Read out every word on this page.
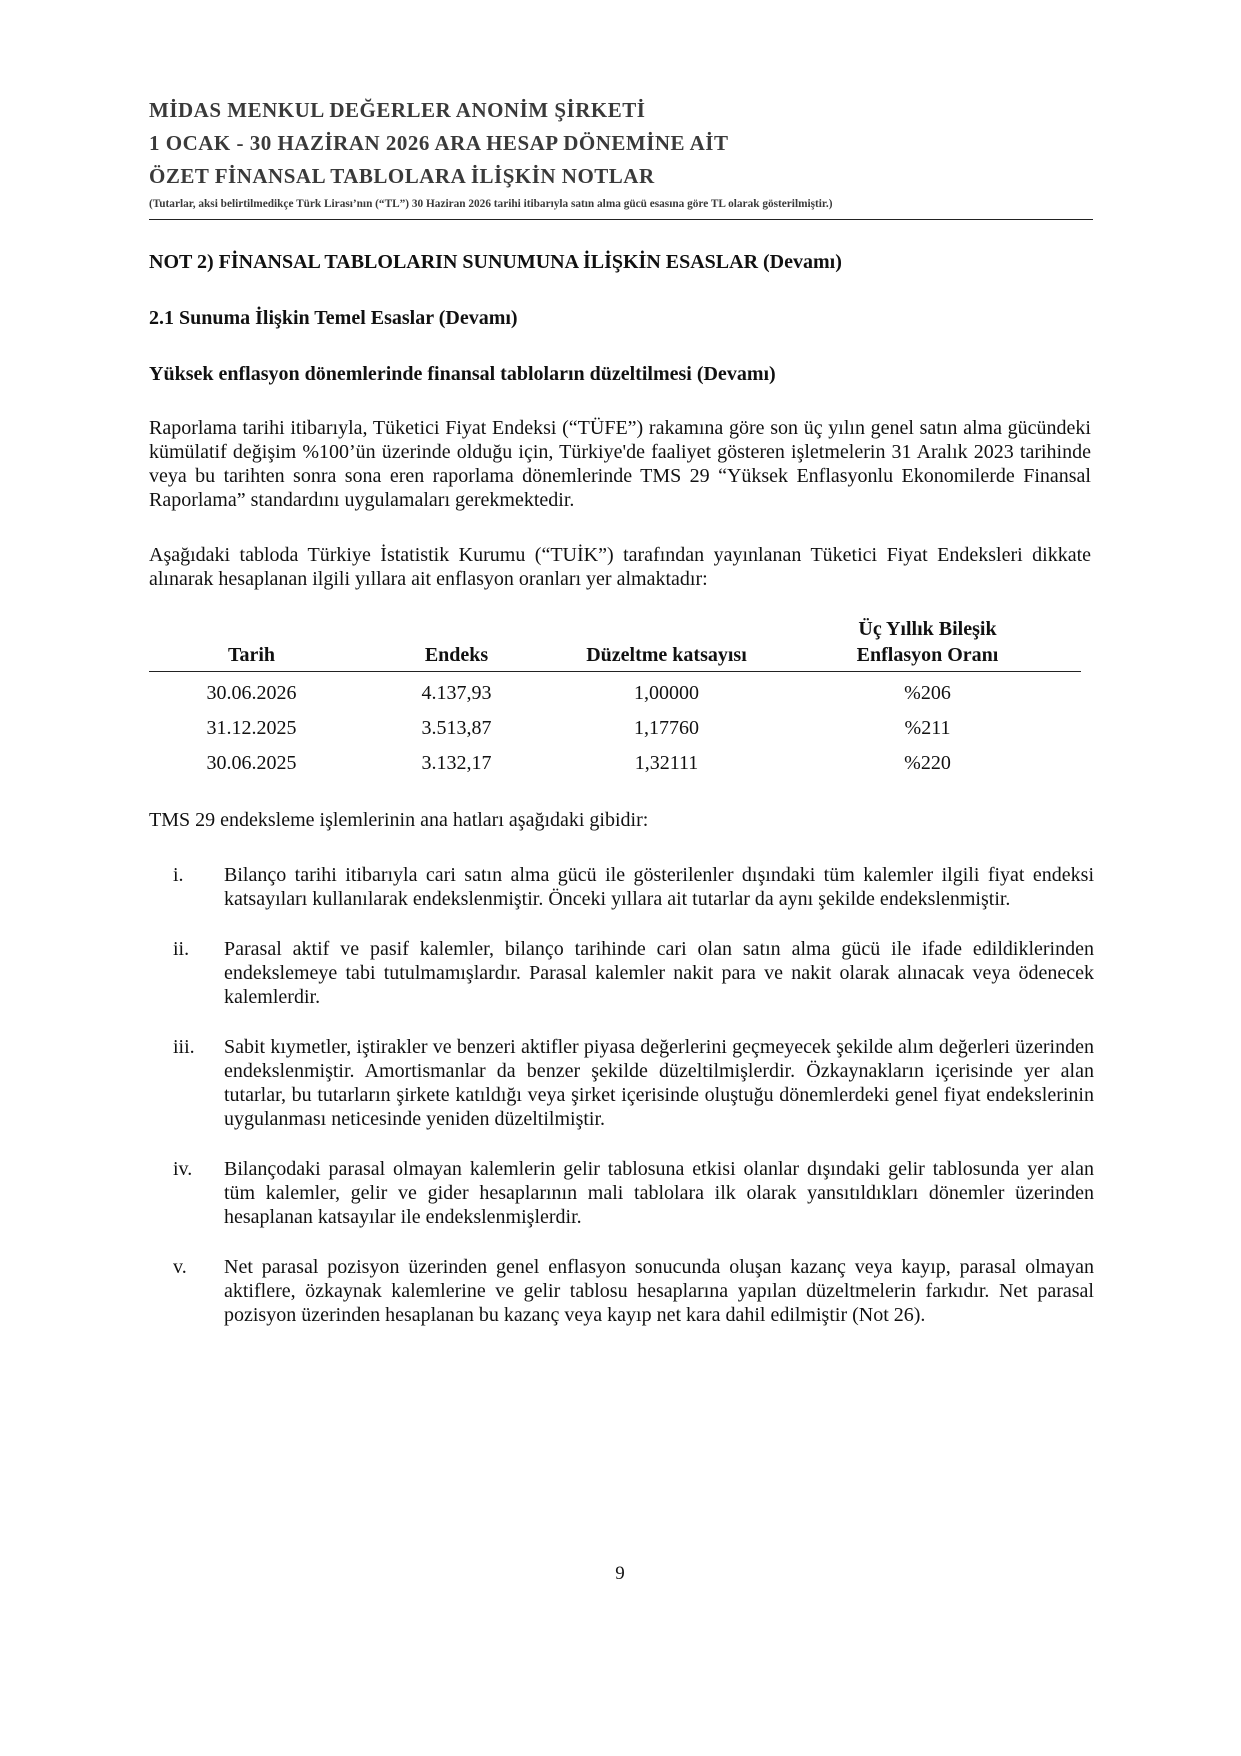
MİDAS MENKUL DEĞERLER ANONİM ŞİRKETİ
1 OCAK - 30 HAZİRAN 2026 ARA HESAP DÖNEMİNE AİT
ÖZET FİNANSAL TABLOLARA İLİŞKİN NOTLAR
(Tutarlar, aksi belirtilmedikçe Türk Lirası’nın (“TL”) 30 Haziran 2026 tarihi itibarıyla satın alma gücü esasına göre TL olarak gösterilmiştir.)
NOT 2) FİNANSAL TABLOLARIN SUNUMUNA İLİŞKİN ESASLAR (Devamı)
2.1 Sunuma İlişkin Temel Esaslar (Devamı)
Yüksek enflasyon dönemlerinde finansal tabloların düzeltilmesi (Devamı)

Raporlama tarihi itibarıyla, Tüketici Fiyat Endeksi (“TÜFE”) rakamına göre son üç yılın genel satın alma gücündeki kümülatif değişim %100’ün üzerinde olduğu için, Türkiye'de faaliyet gösteren işletmelerin 31 Aralık 2023 tarihinde veya bu tarihten sonra sona eren raporlama dönemlerinde TMS 29 “Yüksek Enflasyonlu Ekonomilerde Finansal Raporlama” standardını uygulamaları gerekmektedir.

Aşağıdaki tabloda Türkiye İstatistik Kurumu (“TUİK”) tarafından yayınlanan Tüketici Fiyat Endeksleri dikkate alınarak hesaplanan ilgili yıllara ait enflasyon oranları yer almaktadır:

Tarih	Endeks	Düzeltme katsayısı	Üç Yıllık Bileşik
Enflasyon Oranı
30.06.2026	4.137,93	1,00000	%206
31.12.2025	3.513,87	1,17760	%211
30.06.2025	3.132,17	1,32111	%220

TMS 29 endeksleme işlemlerinin ana hatları aşağıdaki gibidir:

i. Bilanço tarihi itibarıyla cari satın alma gücü ile gösterilenler dışındaki tüm kalemler ilgili fiyat endeksi katsayıları kullanılarak endekslenmiştir. Önceki yıllara ait tutarlar da aynı şekilde endekslenmiştir.
ii. Parasal aktif ve pasif kalemler, bilanço tarihinde cari olan satın alma gücü ile ifade edildiklerinden endekslemeye tabi tutulmamışlardır. Parasal kalemler nakit para ve nakit olarak alınacak veya ödenecek kalemlerdir.
iii. Sabit kıymetler, iştirakler ve benzeri aktifler piyasa değerlerini geçmeyecek şekilde alım değerleri üzerinden endekslenmiştir. Amortismanlar da benzer şekilde düzeltilmişlerdir. Özkaynakların içerisinde yer alan tutarlar, bu tutarların şirkete katıldığı veya şirket içerisinde oluştuğu dönemlerdeki genel fiyat endekslerinin uygulanması neticesinde yeniden düzeltilmiştir.
iv. Bilançodaki parasal olmayan kalemlerin gelir tablosuna etkisi olanlar dışındaki gelir tablosunda yer alan tüm kalemler, gelir ve gider hesaplarının mali tablolara ilk olarak yansıtıldıkları dönemler üzerinden hesaplanan katsayılar ile endekslenmişlerdir.
v. Net parasal pozisyon üzerinden genel enflasyon sonucunda oluşan kazanç veya kayıp, parasal olmayan aktiflere, özkaynak kalemlerine ve gelir tablosu hesaplarına yapılan düzeltmelerin farkıdır. Net parasal pozisyon üzerinden hesaplanan bu kazanç veya kayıp net kara dahil edilmiştir (Not 26).
9
